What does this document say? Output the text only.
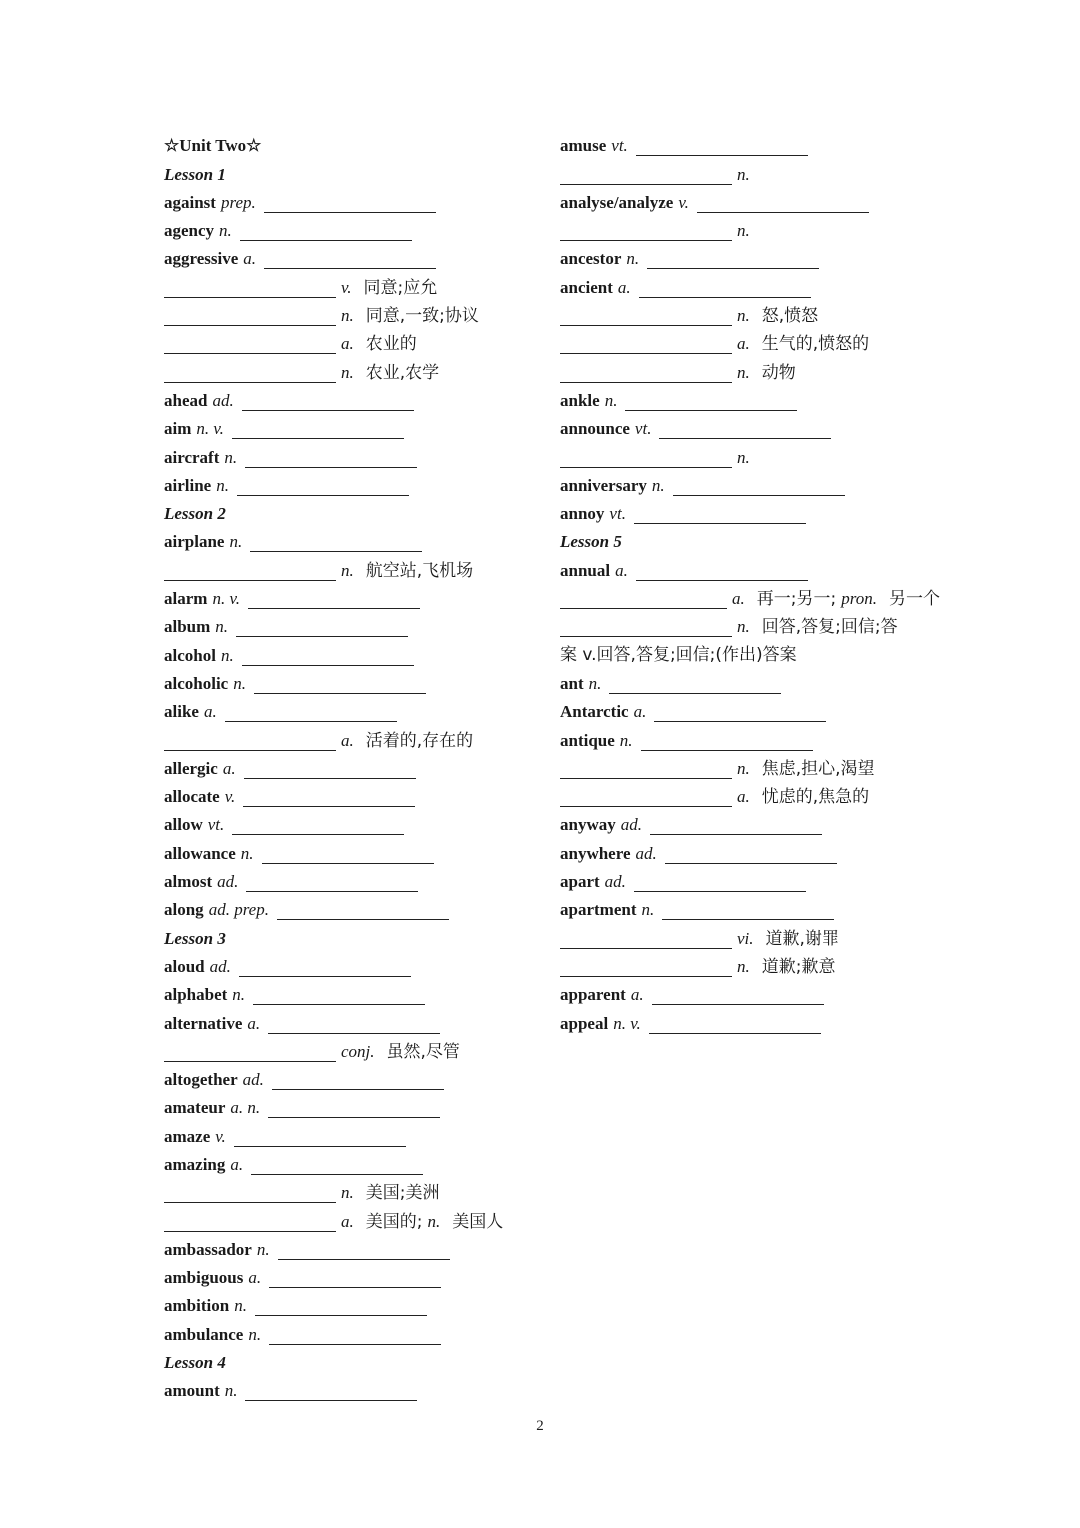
☆Unit Two☆
Lesson 1
against prep.
agency n.
aggressive a.
v. 同意;应允
n. 同意,一致;协议
a. 农业的
n. 农业,农学
ahead ad.
aim n. v.
aircraft n.
airline n.
Lesson 2
airplane n.
n. 航空站,飞机场
alarm n. v.
album n.
alcohol n.
alcoholic n.
alike a.
a. 活着的,存在的
allergic a.
allocate v.
allow vt.
allowance n.
almost ad.
along ad. prep.
Lesson 3
aloud ad.
alphabet n.
alternative a.
conj. 虽然,尽管
altogether ad.
amateur a. n.
amaze v.
amazing a.
n. 美国;美洲
a. 美国的; n. 美国人
ambassador n.
ambiguous a.
ambition n.
ambulance n.
Lesson 4
amount n.
amuse vt.
n.
analyse/analyze v.
n.
ancestor n.
ancient a.
n. 怒,愤怒
a. 生气的,愤怒的
n. 动物
ankle n.
announce vt.
n.
anniversary n.
annoy vt.
Lesson 5
annual a.
a. 再一;另一; pron. 另一个
n. 回答,答复;回信;答
案 v.回答,答复;回信;(作出)答案
ant n.
Antarctic a.
antique n.
n. 焦虑,担心,渴望
a. 忧虑的,焦急的
anyway ad.
anywhere ad.
apart ad.
apartment n.
vi. 道歉,谢罪
n. 道歉;歉意
apparent a.
appeal n. v.
2
